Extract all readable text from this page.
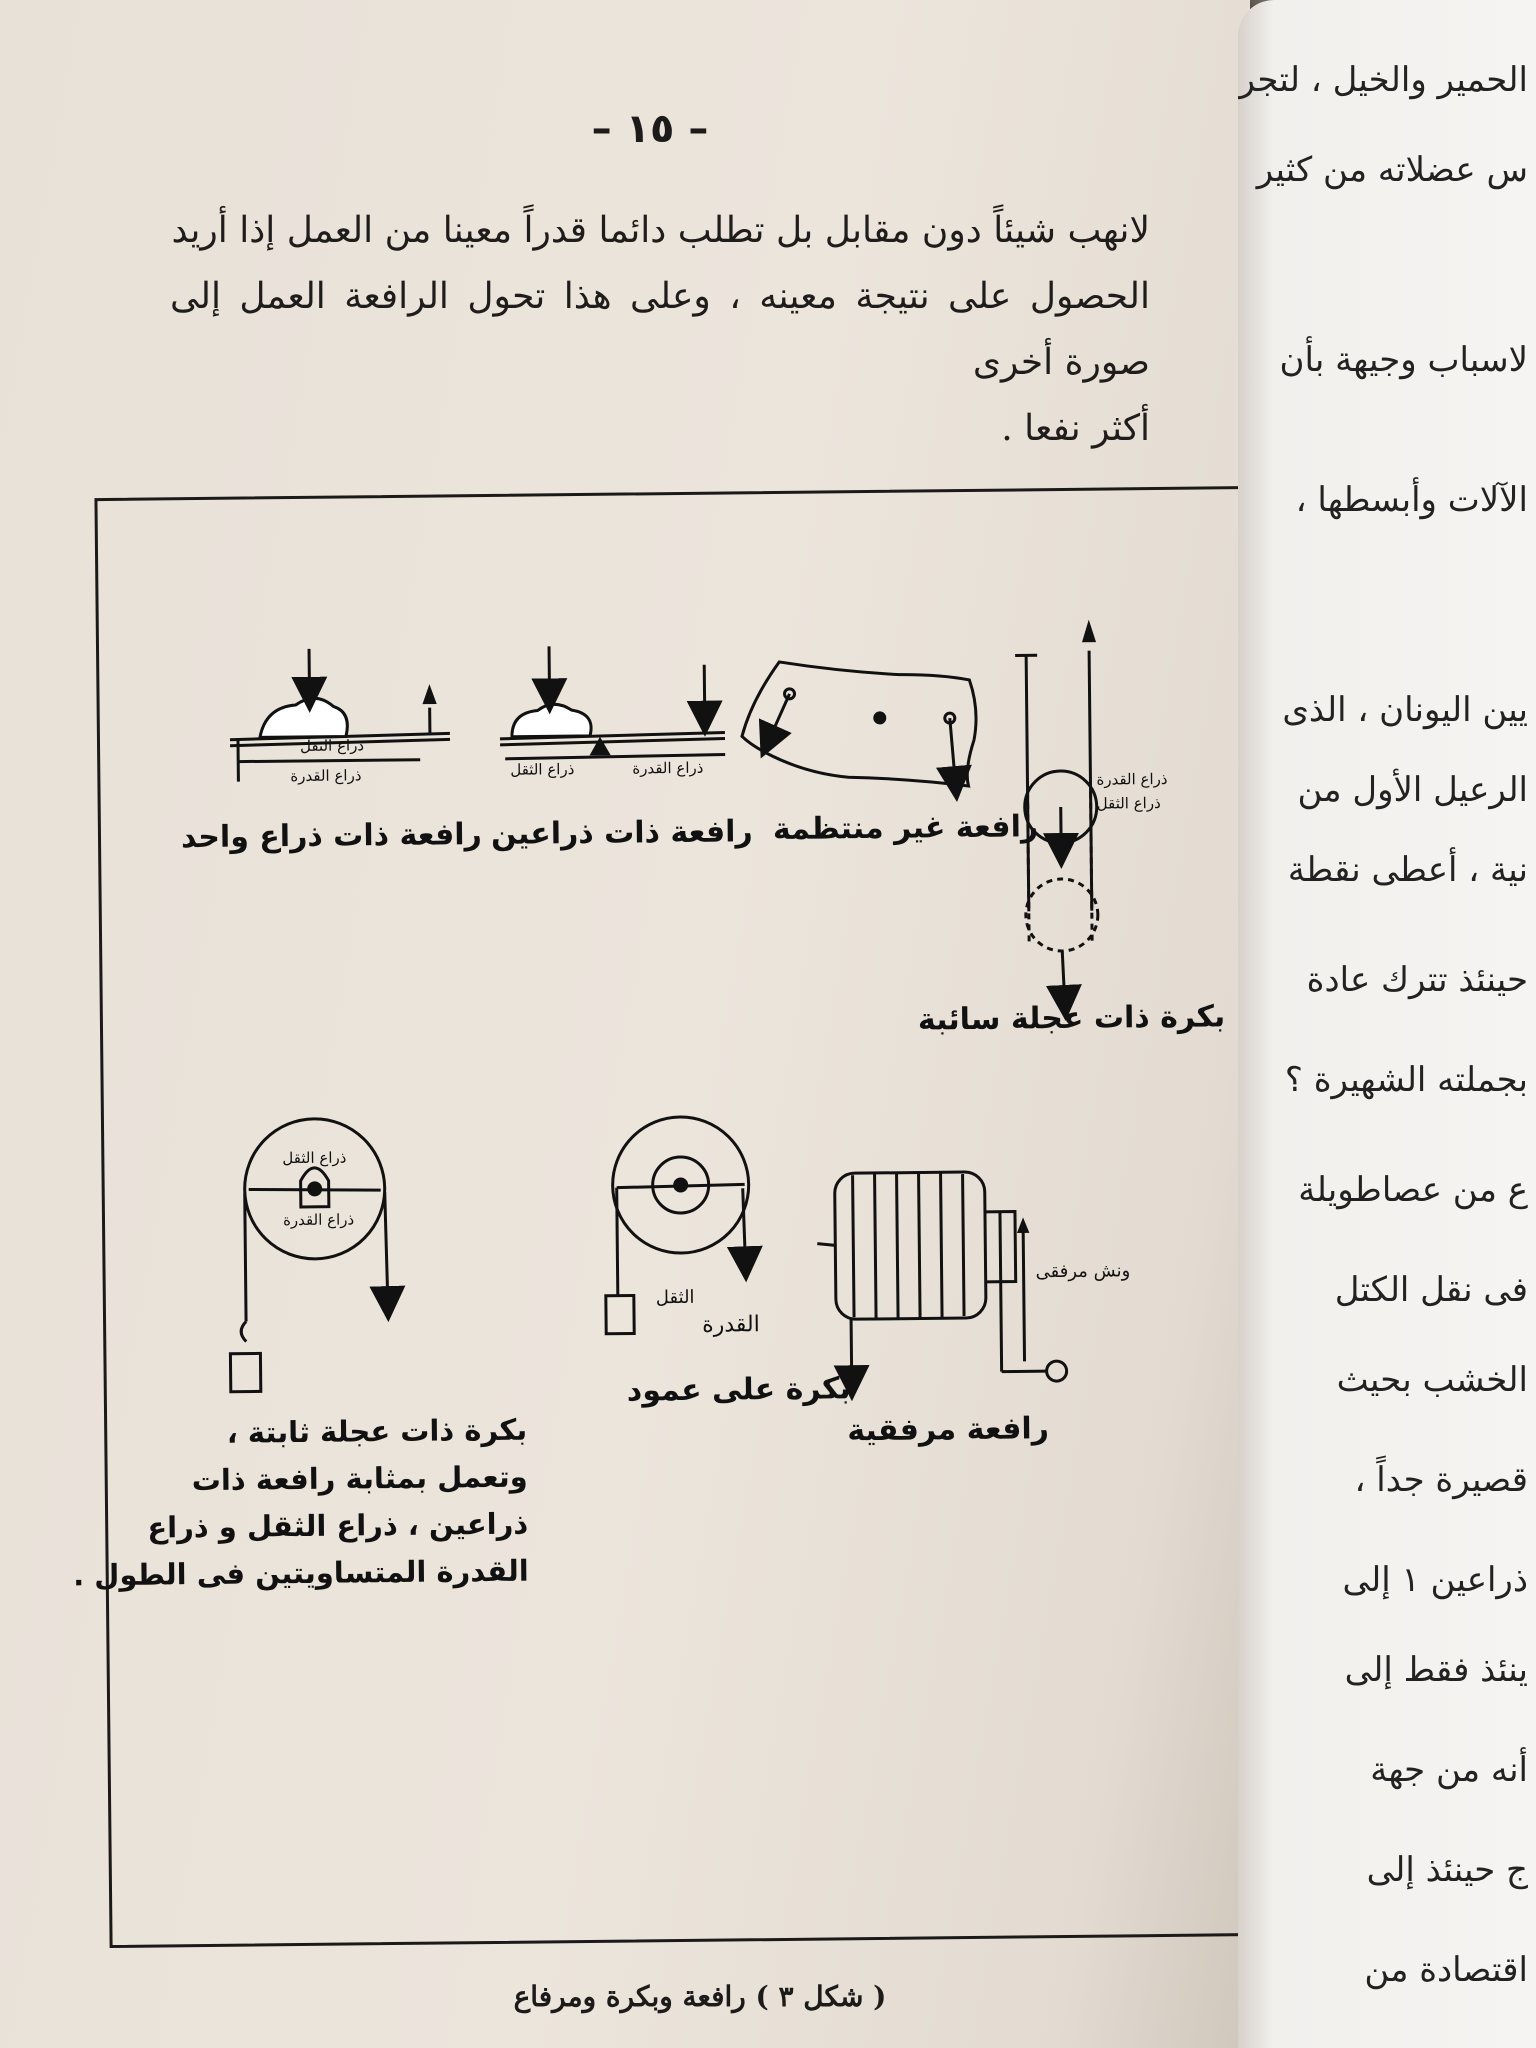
– ١٥ –

لانهب شيئاً دون مقابل بل تطلب دائما قدراً معينا من العمل إذا أريد

الحصول على نتيجة معينه ، وعلى هذا تحول الرافعة العمل إلى صورة أخرى

أكثر نفعا .

ذراع الثقل
ذراع القدرة
رافعة ذات ذراع واحد
ذراع القدرة
ذراع الثقل
رافعة ذات ذراعين رافعة غير منتظمة
ذراع القدرة
ذراع الثقل
بكرة ذات عجلة سائبة
ذراع الثقل
ذراع القدرة
بكرة ذات عجلة ثابتة ،
وتعمل بمثابة رافعة ذات
ذراعين ، ذراع الثقل و ذراع
القدرة المتساويتين فى الطول .
الثقل
القدرة
بكرة على عمود
ونش مرفقى
رافعة مرفقية
( شكل ٣ ) رافعة وبكرة ومرفاع
الحمير والخيل ، لتجر
س عضلاته من كثير
لاسباب وجيهة بأن
الآلات وأبسطها ،
يين اليونان ، الذى
الرعيل الأول من
نية ، أعطى نقطة
حينئذ تترك عادة
بجملته الشهيرة ؟
ع من عصاطويلة
فى نقل الكتل
الخشب بحيث
قصيرة جداً ،
ذراعين ١ إلى
ينئذ فقط إلى
أنه من جهة
ج حينئذ إلى
اقتصادة من
